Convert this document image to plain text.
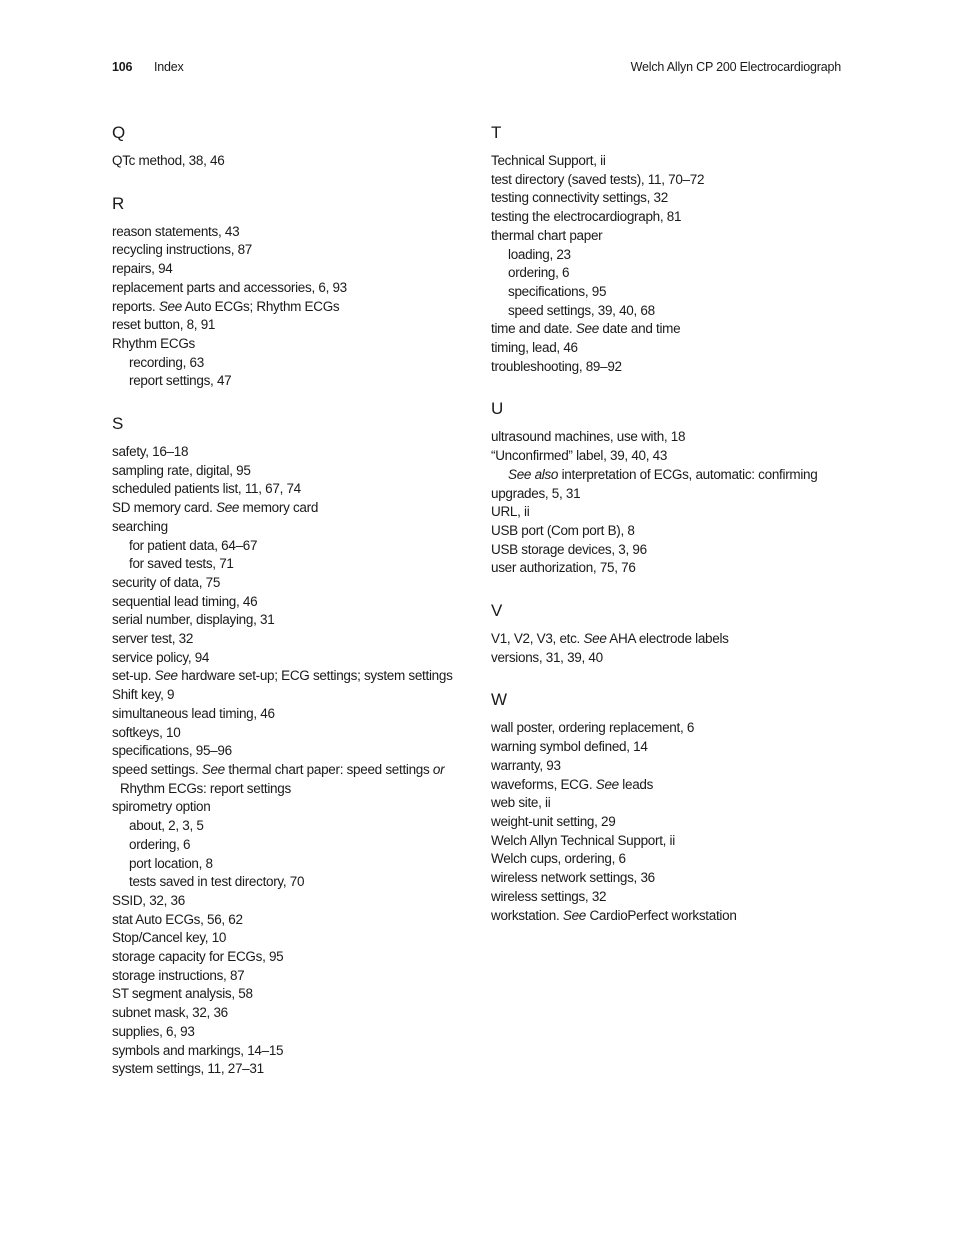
106 Index	Welch Allyn CP 200 Electrocardiograph
Q
QTc method, 38, 46
R
reason statements, 43
recycling instructions, 87
repairs, 94
replacement parts and accessories, 6, 93
reports. See Auto ECGs; Rhythm ECGs
reset button, 8, 91
Rhythm ECGs
recording, 63
report settings, 47
S
safety, 16–18
sampling rate, digital, 95
scheduled patients list, 11, 67, 74
SD memory card. See memory card
searching
for patient data, 64–67
for saved tests, 71
security of data, 75
sequential lead timing, 46
serial number, displaying, 31
server test, 32
service policy, 94
set-up. See hardware set-up; ECG settings; system settings
Shift key, 9
simultaneous lead timing, 46
softkeys, 10
specifications, 95–96
speed settings. See thermal chart paper: speed settings or
Rhythm ECGs: report settings
spirometry option
about, 2, 3, 5
ordering, 6
port location, 8
tests saved in test directory, 70
SSID, 32, 36
stat Auto ECGs, 56, 62
Stop/Cancel key, 10
storage capacity for ECGs, 95
storage instructions, 87
ST segment analysis, 58
subnet mask, 32, 36
supplies, 6, 93
symbols and markings, 14–15
system settings, 11, 27–31
T
Technical Support, ii
test directory (saved tests), 11, 70–72
testing connectivity settings, 32
testing the electrocardiograph, 81
thermal chart paper
loading, 23
ordering, 6
specifications, 95
speed settings, 39, 40, 68
time and date. See date and time
timing, lead, 46
troubleshooting, 89–92
U
ultrasound machines, use with, 18
“Unconfirmed” label, 39, 40, 43
See also interpretation of ECGs, automatic: confirming
upgrades, 5, 31
URL, ii
USB port (Com port B), 8
USB storage devices, 3, 96
user authorization, 75, 76
V
V1, V2, V3, etc. See AHA electrode labels
versions, 31, 39, 40
W
wall poster, ordering replacement, 6
warning symbol defined, 14
warranty, 93
waveforms, ECG. See leads
web site, ii
weight-unit setting, 29
Welch Allyn Technical Support, ii
Welch cups, ordering, 6
wireless network settings, 36
wireless settings, 32
workstation. See CardioPerfect workstation
